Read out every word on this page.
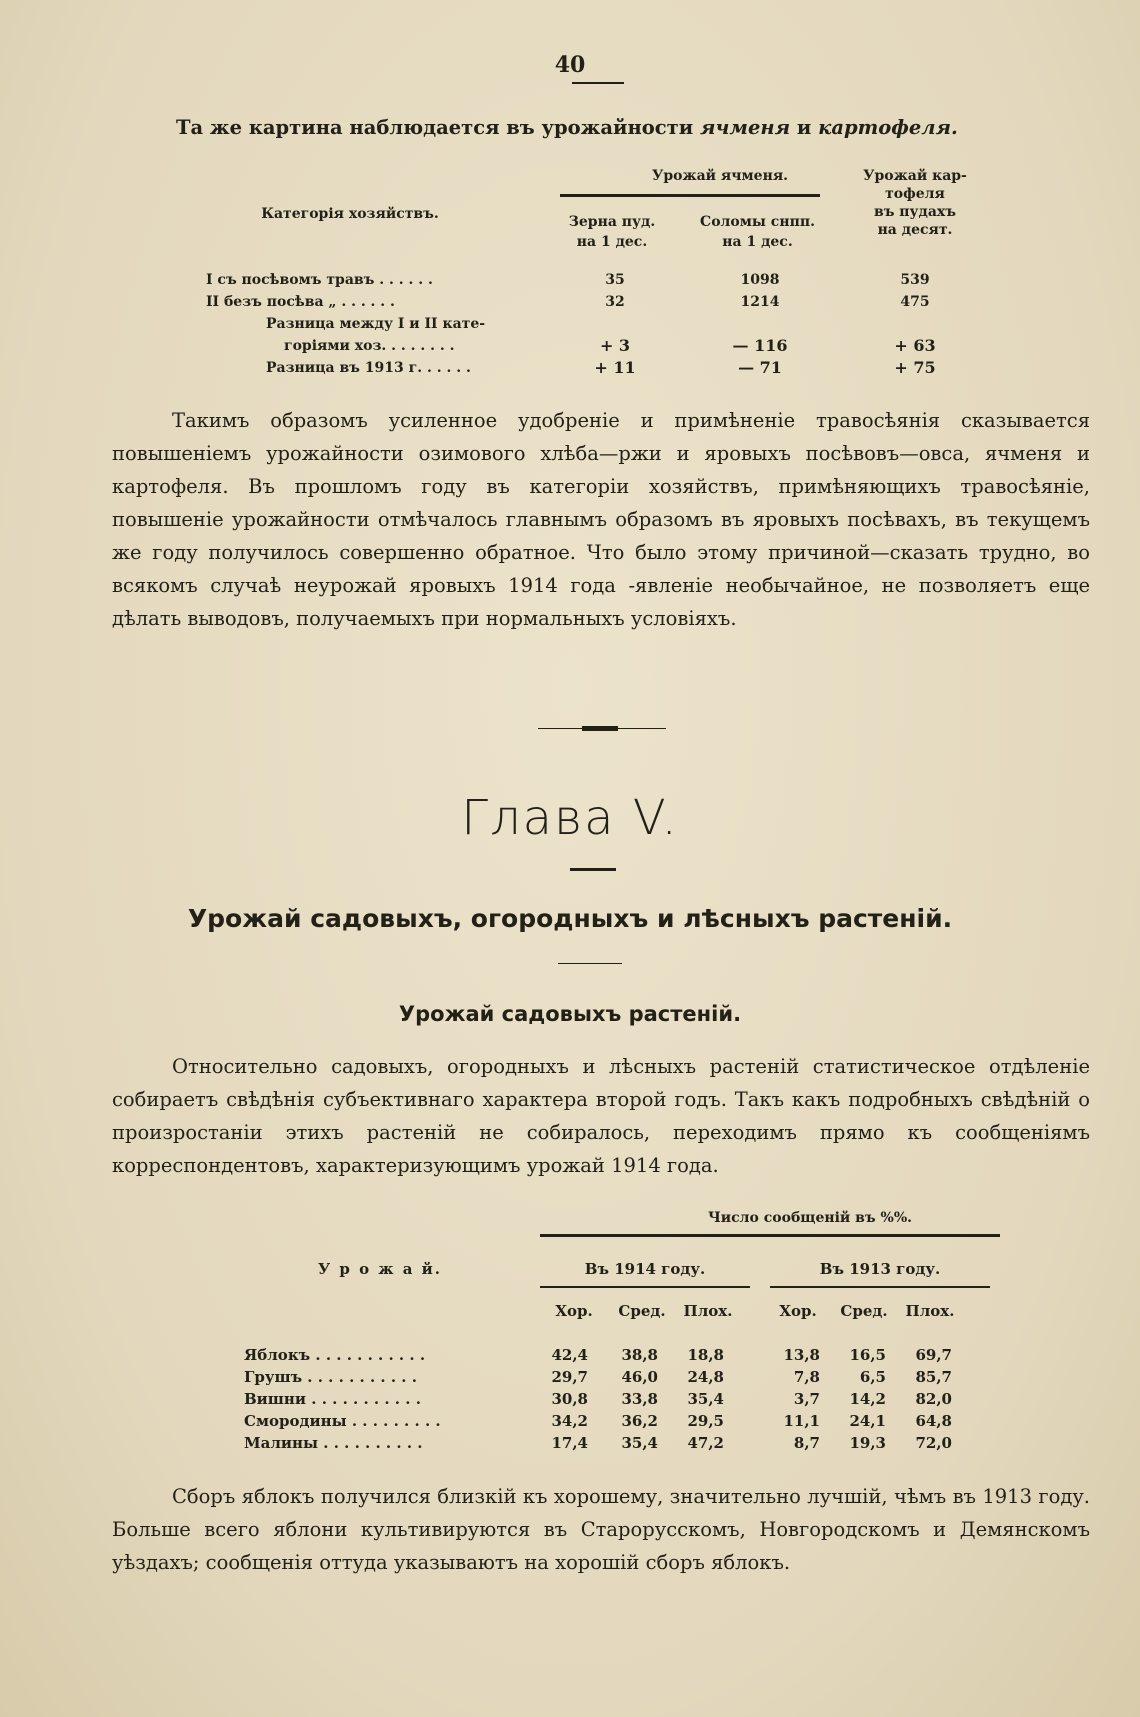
40
Та же картина наблюдается въ урожайности ячменя и картофеля.
Категорія хозяйствъ.
Урожай ячменя.
Зерна пуд.
на 1 дес.
Соломы снпп.
на 1 дес.
Урожай кар-
тофеля
въ пудахъ
на десят.
I съ посѣвомъ травъ . . . . . .	35	1098	539
II безъ посѣва „ . . . . . .	32	1214	475
Разница между I и II кате-
горіями хоз. . . . . . . .	+ 3	— 116	+ 63
Разница въ 1913 г. . . . . .	+ 11	— 71	+ 75
Такимъ образомъ усиленное удобреніе и примѣненіе травосѣянія сказывается повышеніемъ урожайности озимового хлѣба—ржи и яровыхъ посѣвовъ—овса, ячменя и картофеля. Въ прошломъ году въ категоріи хозяйствъ, примѣняющихъ травосѣяніе, повышеніе урожайности отмѣчалось главнымъ образомъ въ яровыхъ посѣвахъ, въ текущемъ же году получилось совершенно обратное. Что было этому причиной—сказать трудно, во всякомъ случаѣ неурожай яровыхъ 1914 года -явленіе необычайное, не позволяетъ еще дѣлать выводовъ, получаемыхъ при нормальныхъ условіяхъ.
Глава V.
Урожай садовыхъ, огородныхъ и лѣсныхъ растеній.
Урожай садовыхъ растеній.
Относительно садовыхъ, огородныхъ и лѣсныхъ растеній статистическое отдѣленіе собираетъ свѣдѣнія субъективнаго характера второй годъ. Такъ какъ подробныхъ свѣдѣній о произростаніи этихъ растеній не собиралось, переходимъ прямо къ сообщеніямъ корреспондентовъ, характеризующимъ урожай 1914 года.
Число сообщеній въ %%.
У р о ж а й.	Въ 1914 году.	Въ 1913 году.
Хор.	Сред.	Плох.	Хор.	Сред.	Плох.
Яблокъ . . . . . . . . . . .	42,4	38,8	18,8	13,8	16,5	69,7
Грушъ . . . . . . . . . . .	29,7	46,0	24,8	7,8	6,5	85,7
Вишни . . . . . . . . . . .	30,8	33,8	35,4	3,7	14,2	82,0
Смородины . . . . . . . . .	34,2	36,2	29,5	11,1	24,1	64,8
Малины . . . . . . . . . .	17,4	35,4	47,2	8,7	19,3	72,0
Сборъ яблокъ получился близкій къ хорошему, значительно лучшій, чѣмъ въ 1913 году. Больше всего яблони культивируются въ Старорусскомъ, Новгородскомъ и Демянскомъ уѣздахъ; сообщенія оттуда указываютъ на хорошій сборъ яблокъ.
